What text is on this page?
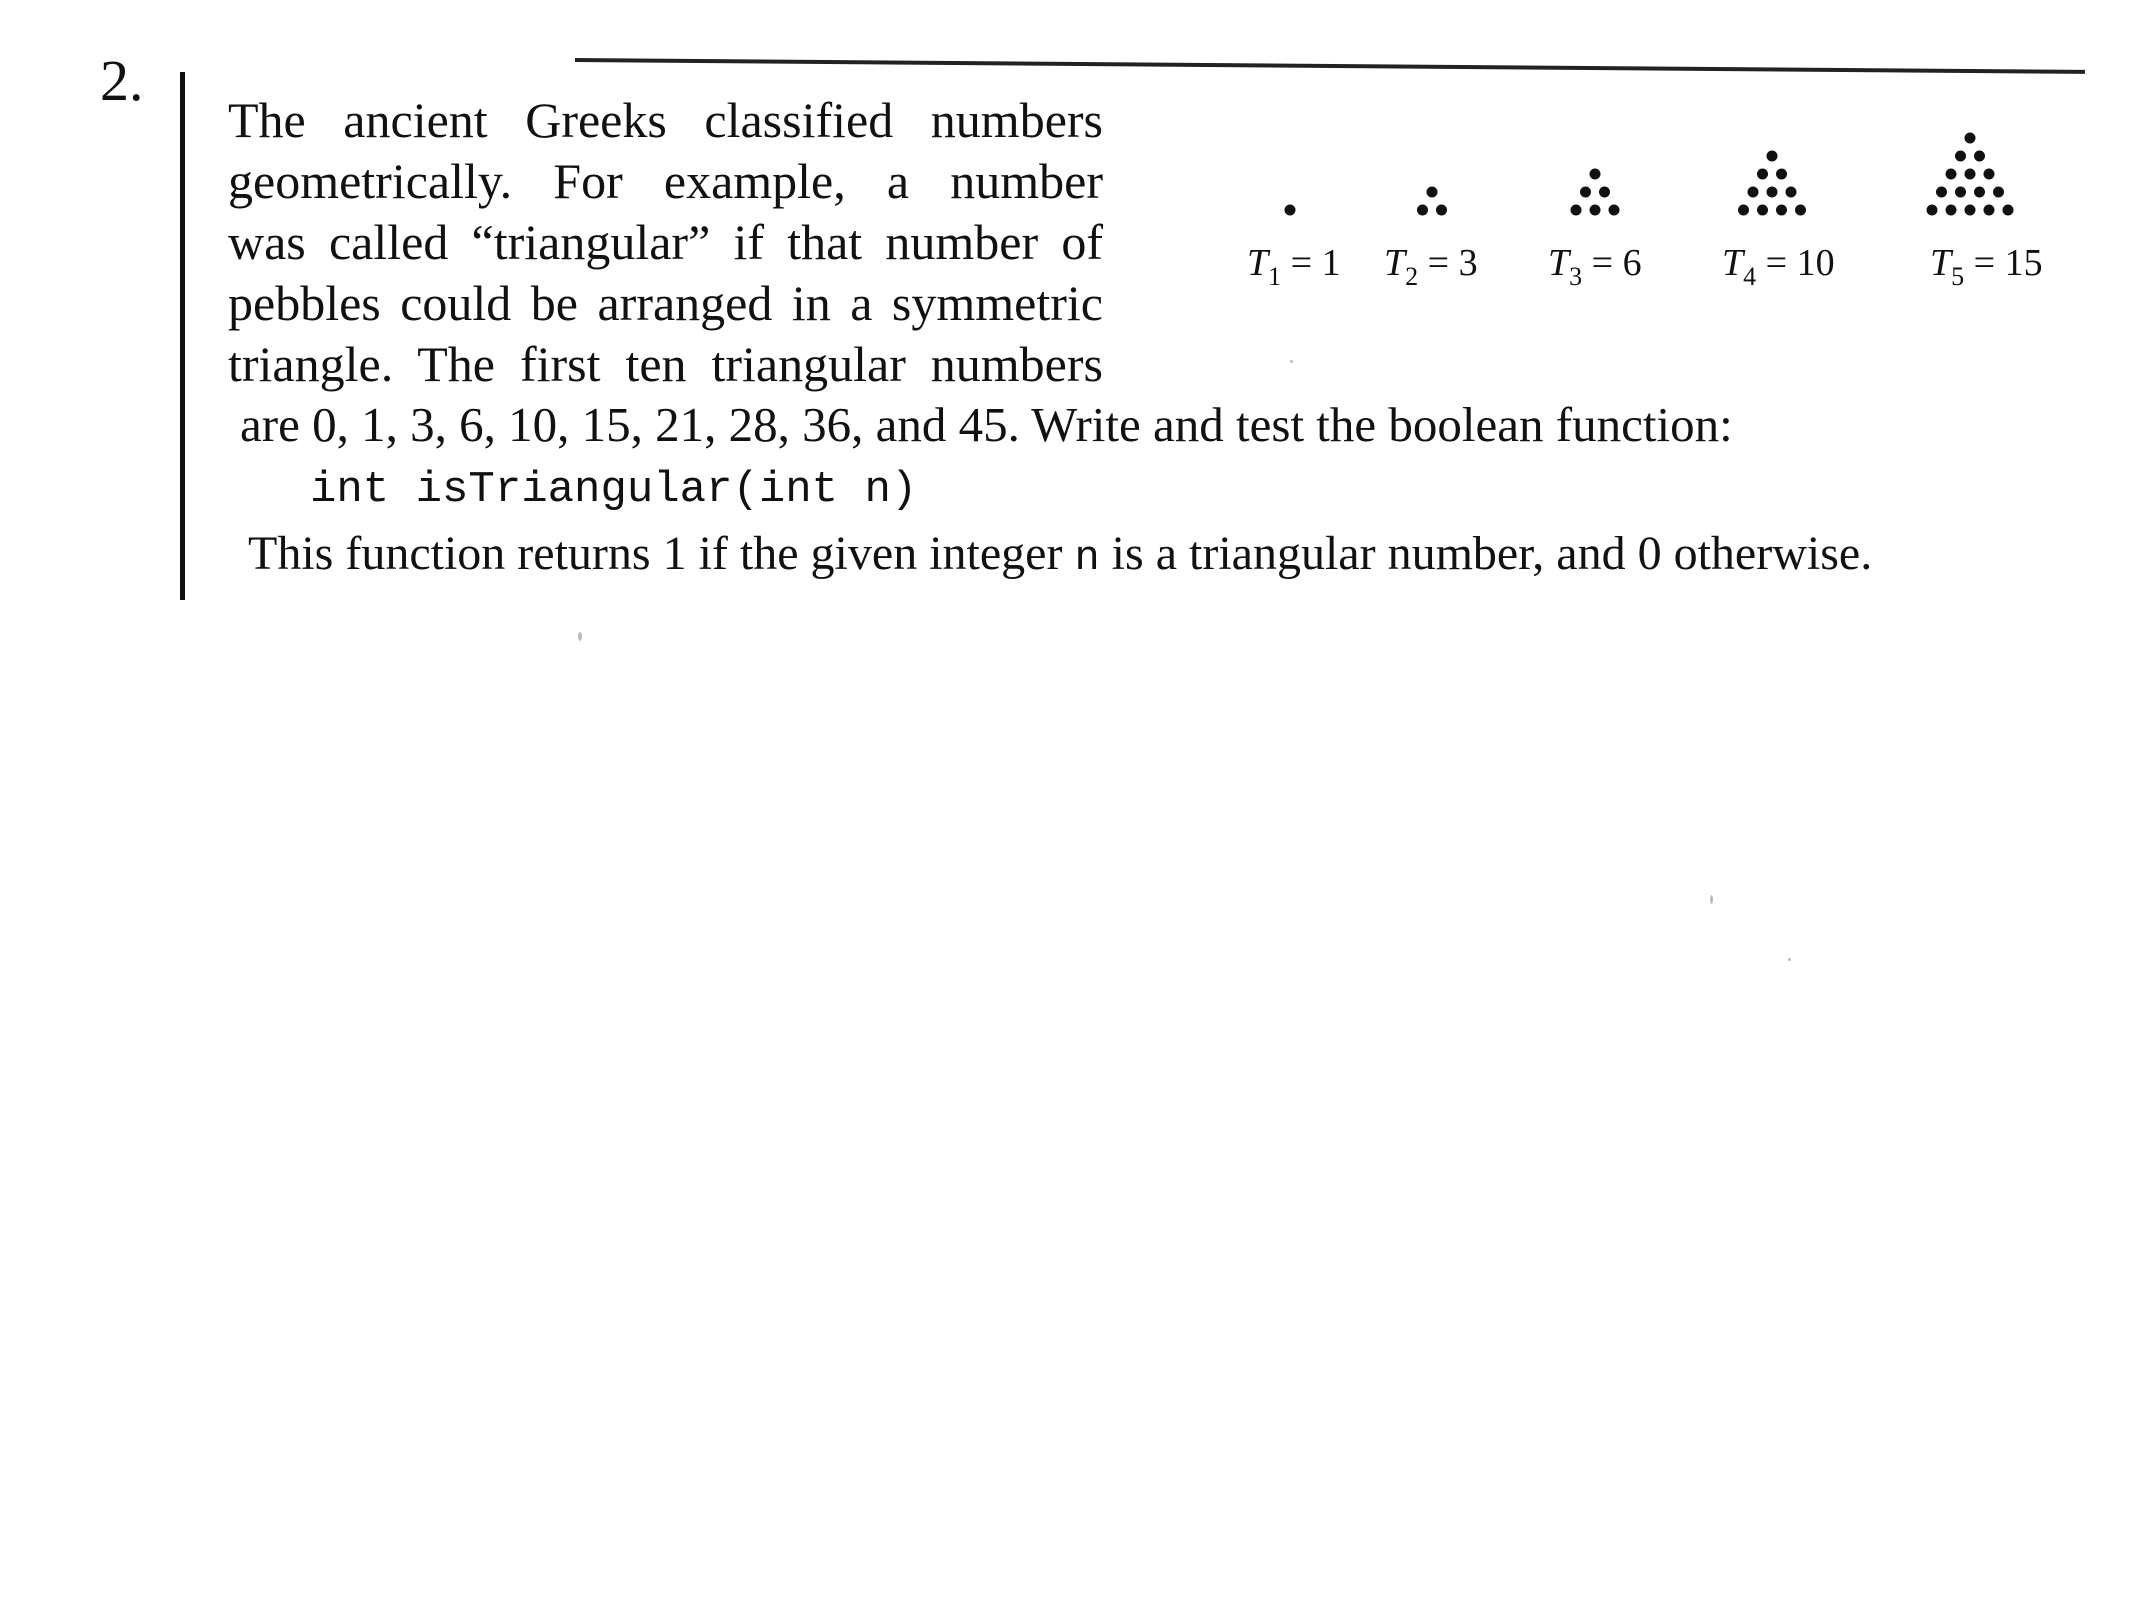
2.
The ancient Greeks classified numbers
geometrically. For example, a number
was called “triangular” if that number of
pebbles could be arranged in a symmetric
triangle. The first ten triangular numbers
are 0, 1, 3, 6, 10, 15, 21, 28, 36, and 45. Write and test the boolean function:
int isTriangular(int n)
This function returns 1 if the given integer n is a triangular number, and 0 otherwise.
$T_1 = 1$ $T_2 = 3$ $T_3 = 6$ $T_4 = 10$	$T_5 = 15$
